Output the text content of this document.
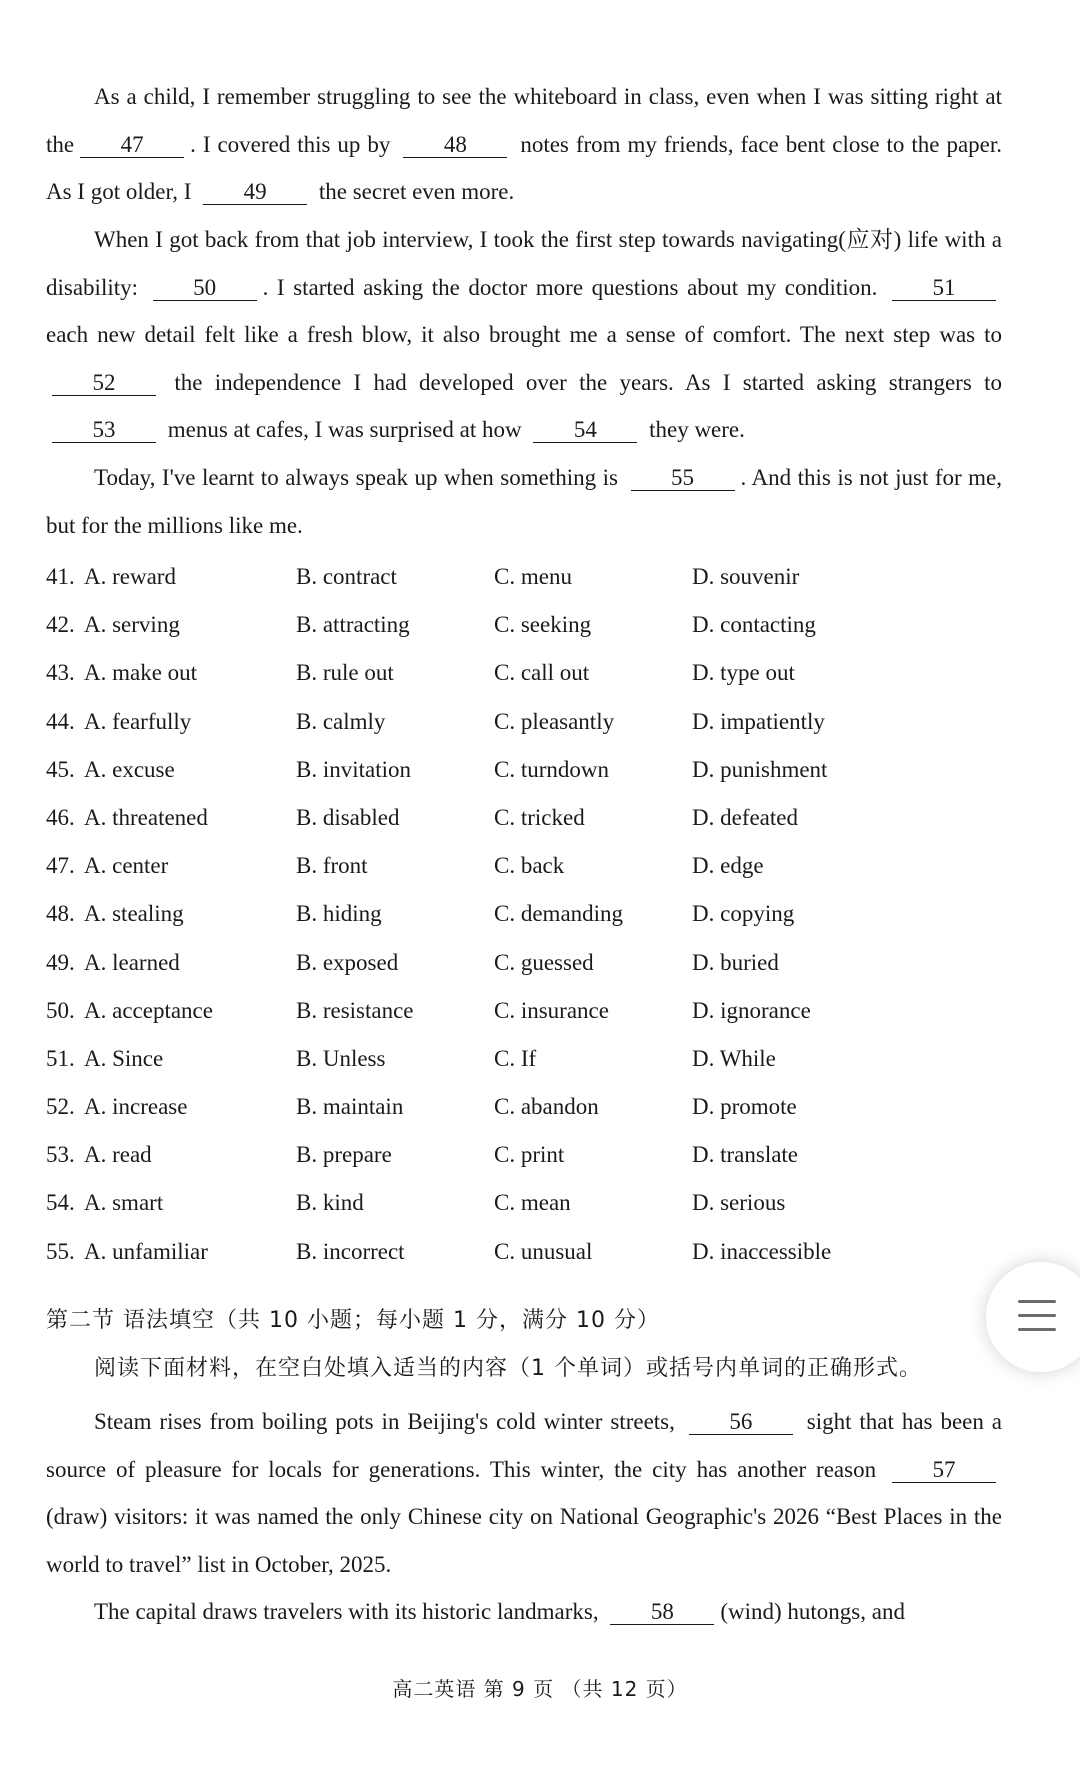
As a child, I remember struggling to see the whiteboard in class, even when I was sitting right at the 47 . I covered this up by 48 notes from my friends, face bent close to the paper. As I got older, I 49 the secret even more.
When I got back from that job interview, I took the first step towards navigating(应对) life with a disability: 50 . I started asking the doctor more questions about my condition. 51 each new detail felt like a fresh blow, it also brought me a sense of comfort. The next step was to 52	the independence I had developed over the years. As I started asking strangers to 53 menus at cafes, I was surprised at how 54 they were.
Today, I've learnt to always speak up when something is 55 . And this is not just for me, but for the millions like me.
41. A. reward	B. contract	C. menu	D. souvenir
42. A. serving	B. attracting	C. seeking	D. contacting
43. A. make out	B. rule out	C. call out	D. type out
44. A. fearfully	B. calmly	C. pleasantly	D. impatiently
45. A. excuse	B. invitation	C. turndown	D. punishment
46. A. threatened	B. disabled	C. tricked	D. defeated
47. A. center	B. front	C. back	D. edge
48. A. stealing	B. hiding	C. demanding	D. copying
49. A. learned	B. exposed	C. guessed	D. buried
50. A. acceptance	B. resistance	C. insurance	D. ignorance
51. A. Since	B. Unless	C. If	D. While
52. A. increase	B. maintain	C. abandon	D. promote
53. A. read	B. prepare	C. print	D. translate
54. A. smart	B. kind	C. mean	D. serious
55. A. unfamiliar	B. incorrect	C. unusual	D. inaccessible
第二节 语法填空（共 10 小题；每小题 1 分，满分 10 分）
阅读下面材料，在空白处填入适当的内容（1 个单词）或括号内单词的正确形式。
Steam rises from boiling pots in Beijing's cold winter streets, 56 sight that has been a source of pleasure for locals for generations. This winter, the city has another reason 57(draw) visitors: it was named the only Chinese city on National Geographic's 2026 “Best Places in the world to travel” list in October, 2025.
The capital draws travelers with its historic landmarks, 58 (wind) hutongs, and
高二英语 第 9 页 （共 12 页）
